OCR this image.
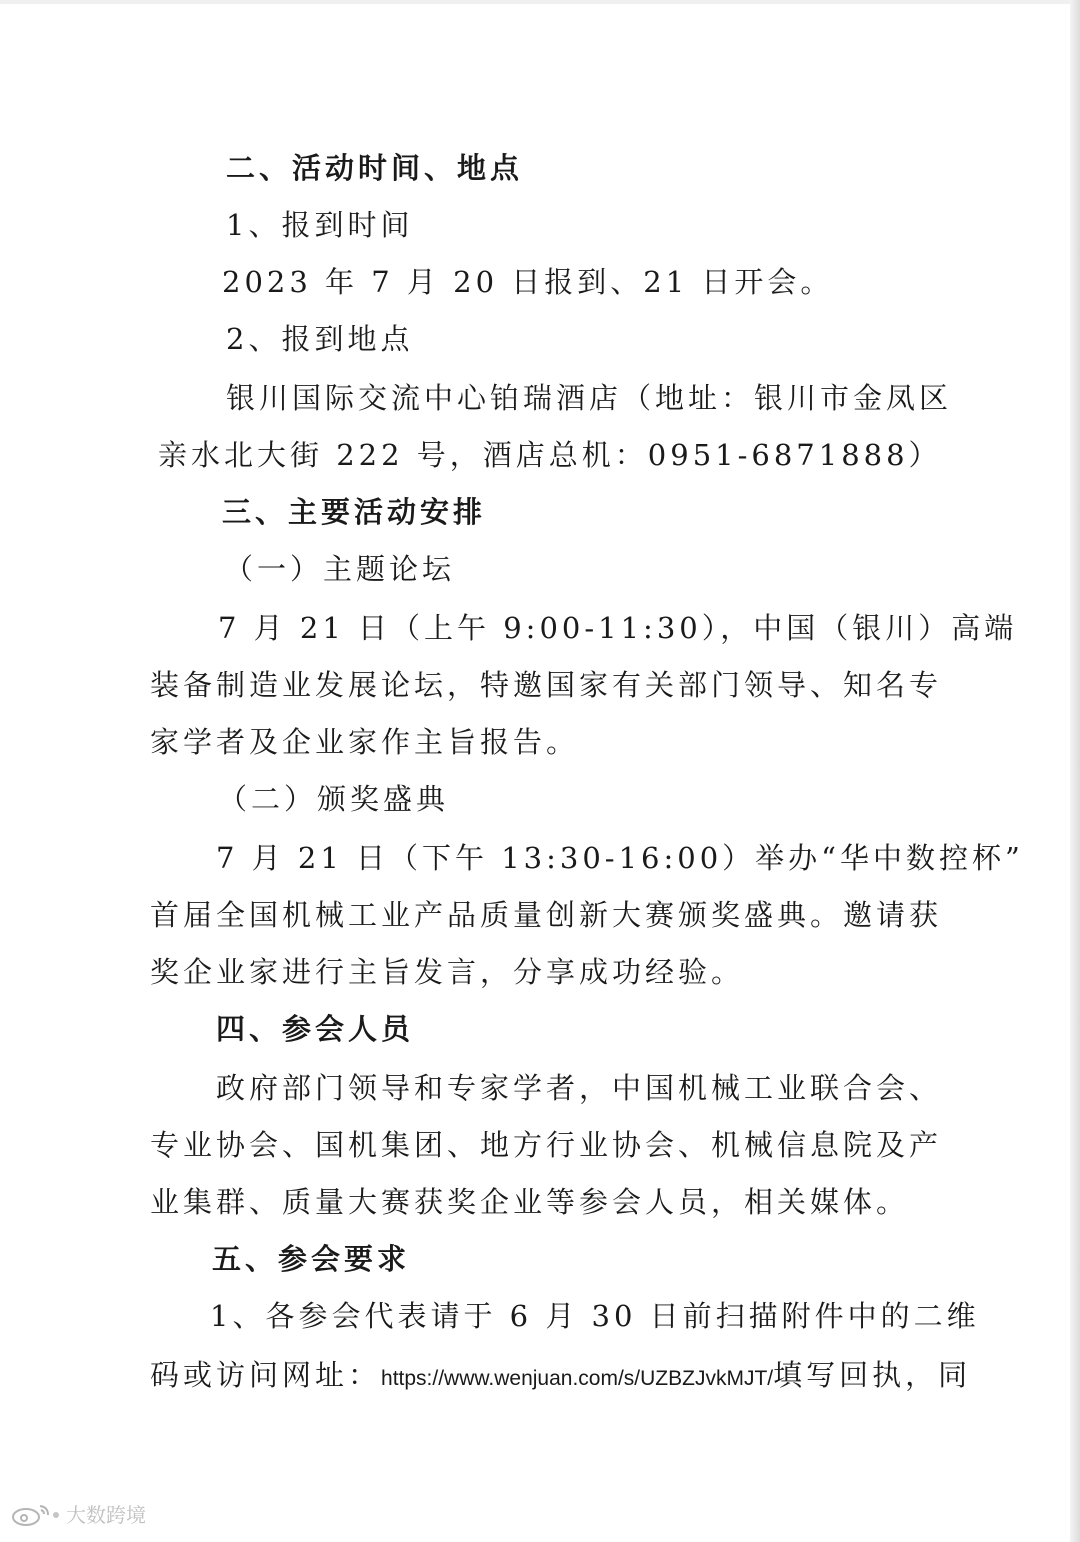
二、活动时间、地点
1、报到时间
2023 年 7 月 20 日报到、21 日开会。
2、报到地点
银川国际交流中心铂瑞酒店（地址：银川市金凤区
亲水北大街 222 号，酒店总机：0951-6871888）
三、主要活动安排
（一）主题论坛
7 月 21 日（上午 9:00-11:30），中国（银川）高端
装备制造业发展论坛，特邀国家有关部门领导、知名专
家学者及企业家作主旨报告。
（二）颁奖盛典
7 月 21 日（下午 13:30-16:00）举办“华中数控杯”
首届全国机械工业产品质量创新大赛颁奖盛典。邀请获
奖企业家进行主旨发言，分享成功经验。
四、参会人员
政府部门领导和专家学者，中国机械工业联合会、
专业协会、国机集团、地方行业协会、机械信息院及产
业集群、质量大赛获奖企业等参会人员，相关媒体。
五、参会要求
1、各参会代表请于 6 月 30 日前扫描附件中的二维
码或访问网址：https://www.wenjuan.com/s/UZBZJvkMJT/填写回执，同
大数跨境
